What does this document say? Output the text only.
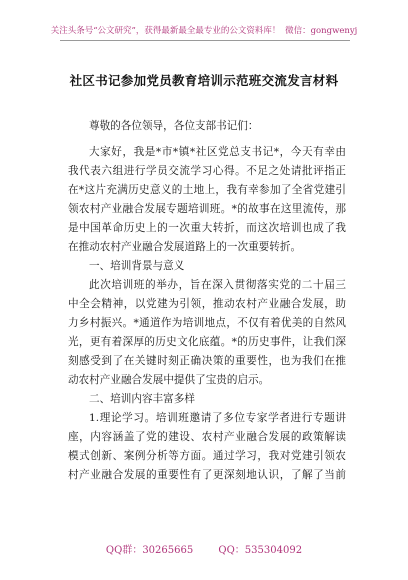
关注头条号“公文研究”，获得最新最全最专业的公文资料库！ 微信：gongwenyj
社区书记参加党员教育培训示范班交流发言材料
尊敬的各位领导，各位支部书记们：
大家好，我是*市*镇*社区党总支书记*，今天有幸由
我代表六组进行学员交流学习心得。不足之处请批评指正
在*这片充满历史意义的土地上，我有幸参加了全省党建引
领农村产业融合发展专题培训班。*的故事在这里流传，那
是中国革命历史上的一次重大转折，而这次培训也成了我
在推动农村产业融合发展道路上的一次重要转折。
一、培训背景与意义
此次培训班的举办，旨在深入贯彻落实党的二十届三
中全会精神，以党建为引领，推动农村产业融合发展，助
力乡村振兴。*通道作为培训地点，不仅有着优美的自然风
光，更有着深厚的历史文化底蕴。*的历史事件，让我们深
刻感受到了在关键时刻正确决策的重要性，也为我们在推
动农村产业融合发展中提供了宝贵的启示。
二、培训内容丰富多样
1.理论学习。培训班邀请了多位专家学者进行专题讲
座，内容涵盖了党的建设、农村产业融合发展的政策解读
模式创新、案例分析等方面。通过学习，我对党建引领农
村产业融合发展的重要性有了更深刻地认识，了解了当前
QQ群：30265665	QQ：535304092
